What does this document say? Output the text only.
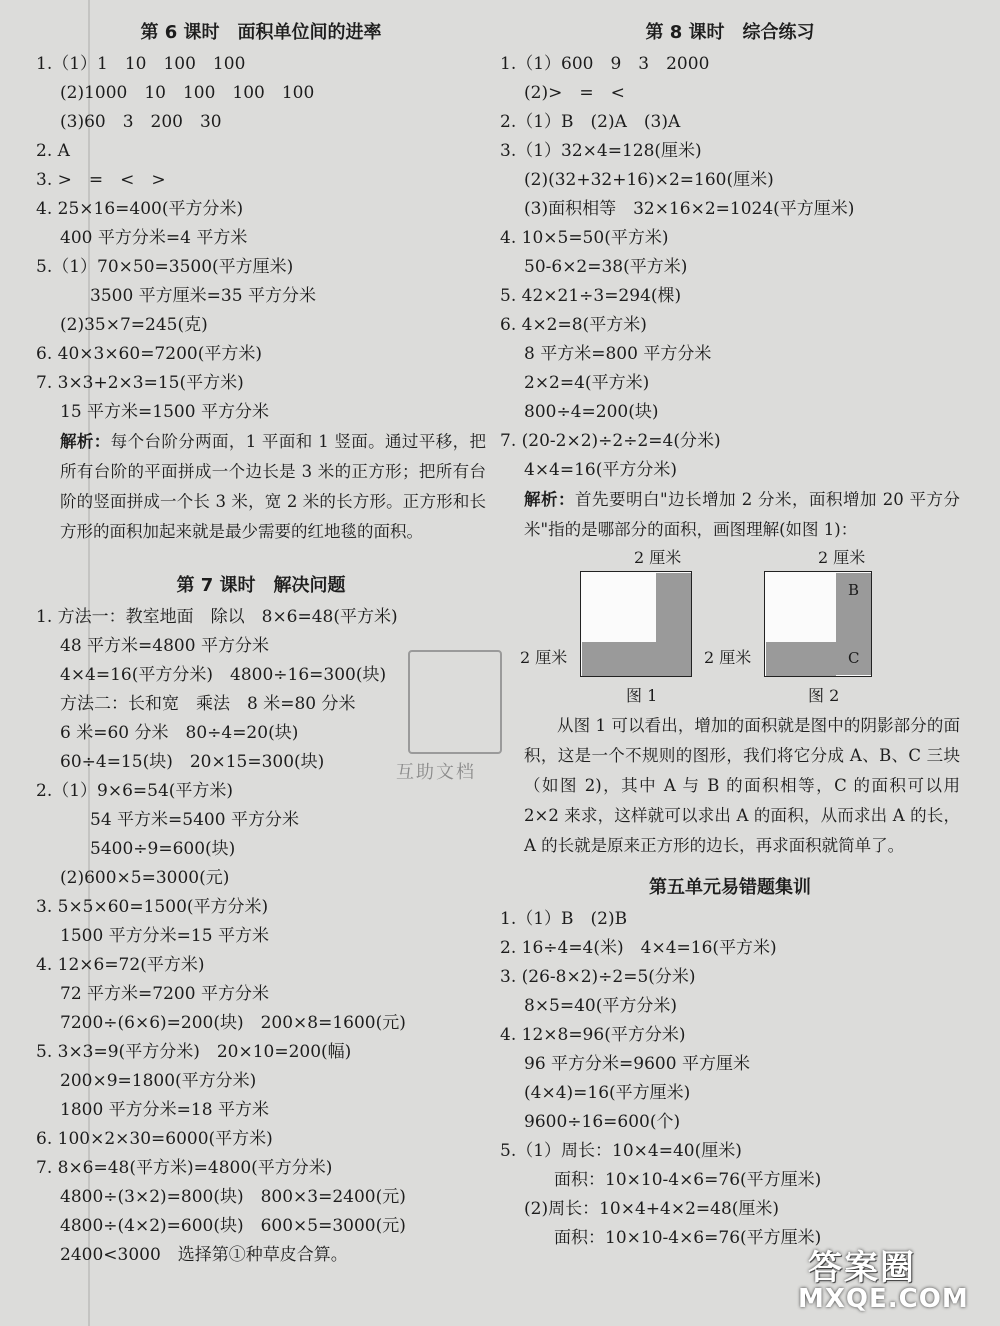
第 6 课时　面积单位间的进率
1.（1）1　10　100　100
(2)1000　10　100　100　100
(3)60　3　200　30
2. A
3. >　=　<　>
4. 25×16=400(平方分米)
400 平方分米=4 平方米
5.（1）70×50=3500(平方厘米)
3500 平方厘米=35 平方分米
(2)35×7=245(克)
6. 40×3×60=7200(平方米)
7. 3×3+2×3=15(平方米)
15 平方米=1500 平方分米
解析：每个台阶分两面，1 平面和 1 竖面。通过平移，把所有台阶的平面拼成一个边长是 3 米的正方形；把所有台阶的竖面拼成一个长 3 米，宽 2 米的长方形。正方形和长方形的面积加起来就是最少需要的红地毯的面积。
第 7 课时　解决问题
1. 方法一：教室地面　除以　8×6=48(平方米)
48 平方米=4800 平方分米
4×4=16(平方分米)　4800÷16=300(块)
方法二：长和宽　乘法　8 米=80 分米
6 米=60 分米　80÷4=20(块)
60÷4=15(块)　20×15=300(块)
2.（1）9×6=54(平方米)
54 平方米=5400 平方分米
5400÷9=600(块)
(2)600×5=3000(元)
3. 5×5×60=1500(平方分米)
1500 平方分米=15 平方米
4. 12×6=72(平方米)
72 平方米=7200 平方分米
7200÷(6×6)=200(块)　200×8=1600(元)
5. 3×3=9(平方分米)　20×10=200(幅)
200×9=1800(平方分米)
1800 平方分米=18 平方米
6. 100×2×30=6000(平方米)
7. 8×6=48(平方米)=4800(平方分米)
4800÷(3×2)=800(块)　800×3=2400(元)
4800÷(4×2)=600(块)　600×5=3000(元)
2400<3000　选择第①种草皮合算。
第 8 课时　综合练习
1.（1）600　9　3　2000
(2)>　=　<
2.（1）B　(2)A　(3)A
3.（1）32×4=128(厘米)
(2)(32+32+16)×2=160(厘米)
(3)面积相等　32×16×2=1024(平方厘米)
4. 10×5=50(平方米)
50-6×2=38(平方米)
5. 42×21÷3=294(棵)
6. 4×2=8(平方米)
8 平方米=800 平方分米
2×2=4(平方米)
800÷4=200(块)
7. (20-2×2)÷2÷2=4(分米)
4×4=16(平方分米)
解析：首先要明白"边长增加 2 分米，面积增加 20 平方分米"指的是哪部分的面积，画图理解(如图 1)：
2 厘米
2 厘米
图 1
2 厘米
B
C
2 厘米
图 2
从图 1 可以看出，增加的面积就是图中的阴影部分的面积，这是一个不规则的图形，我们将它分成 A、B、C 三块（如图 2)，其中 A 与 B 的面积相等，C 的面积可以用 2×2 来求，这样就可以求出 A 的面积，从而求出 A 的长，A 的长就是原来正方形的边长，再求面积就简单了。
第五单元易错题集训
1.（1）B　(2)B
2. 16÷4=4(米)　4×4=16(平方米)
3. (26-8×2)÷2=5(分米)
8×5=40(平方分米)
4. 12×8=96(平方分米)
96 平方分米=9600 平方厘米
(4×4)=16(平方厘米)
9600÷16=600(个)
5.（1）周长：10×4=40(厘米)
面积：10×10-4×6=76(平方厘米)
(2)周长：10×4+4×2=48(厘米)
面积：10×10-4×6=76(平方厘米)
互助文档
答案圈
MXQE.COM
